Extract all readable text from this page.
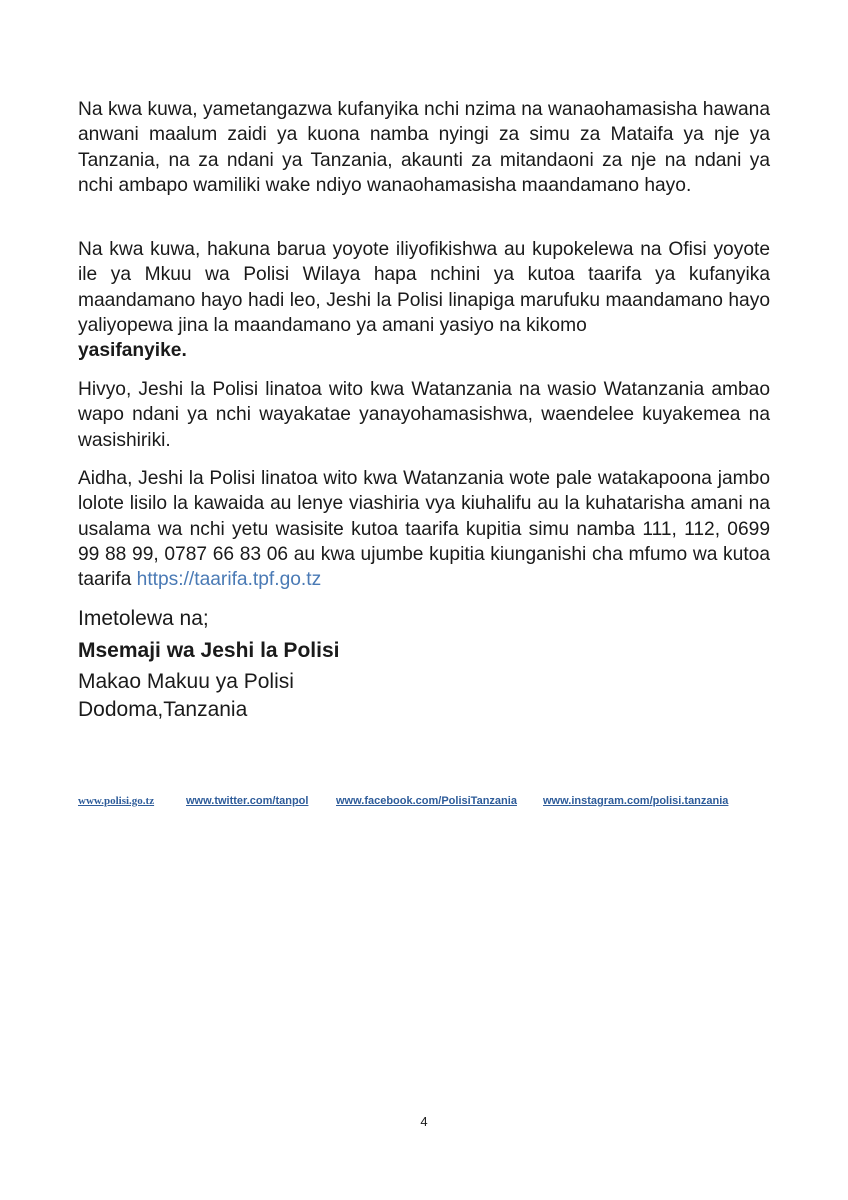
Na kwa kuwa, yametangazwa kufanyika nchi nzima na wanaohamasisha hawana anwani maalum zaidi ya kuona namba nyingi za simu za Mataifa ya nje ya Tanzania, na za ndani ya Tanzania, akaunti za mitandaoni za nje na ndani ya nchi ambapo wamiliki wake ndiyo wanaohamasisha maandamano hayo.

Na kwa kuwa, hakuna barua yoyote iliyofikishwa au kupokelewa na Ofisi yoyote ile ya Mkuu wa Polisi Wilaya hapa nchini ya kutoa taarifa ya kufanyika maandamano hayo hadi leo, Jeshi la Polisi linapiga marufuku maandamano hayo yaliyopewa jina la maandamano ya amani yasiyo na kikomo
yasifanyike.

Hivyo, Jeshi la Polisi linatoa wito kwa Watanzania na wasio Watanzania ambao wapo ndani ya nchi wayakatae yanayohamasishwa, waendelee kuyakemea na wasishiriki.

Aidha, Jeshi la Polisi linatoa wito kwa Watanzania wote pale watakapoona jambo lolote lisilo la kawaida au lenye viashiria vya kiuhalifu au la kuhatarisha amani na usalama wa nchi yetu wasisite kutoa taarifa kupitia simu namba 111, 112, 0699 99 88 99, 0787 66 83 06 au kwa ujumbe kupitia kiunganishi cha mfumo wa kutoa taarifa https://taarifa.tpf.go.tz

Imetolewa na;

Msemaji wa Jeshi la Polisi

Makao Makuu ya Polisi

Dodoma,Tanzania

www.polisi.go.tz	www.twitter.com/tanpol	www.facebook.com/PolisiTanzania www.instagram.com/polisi.tanzania

4
